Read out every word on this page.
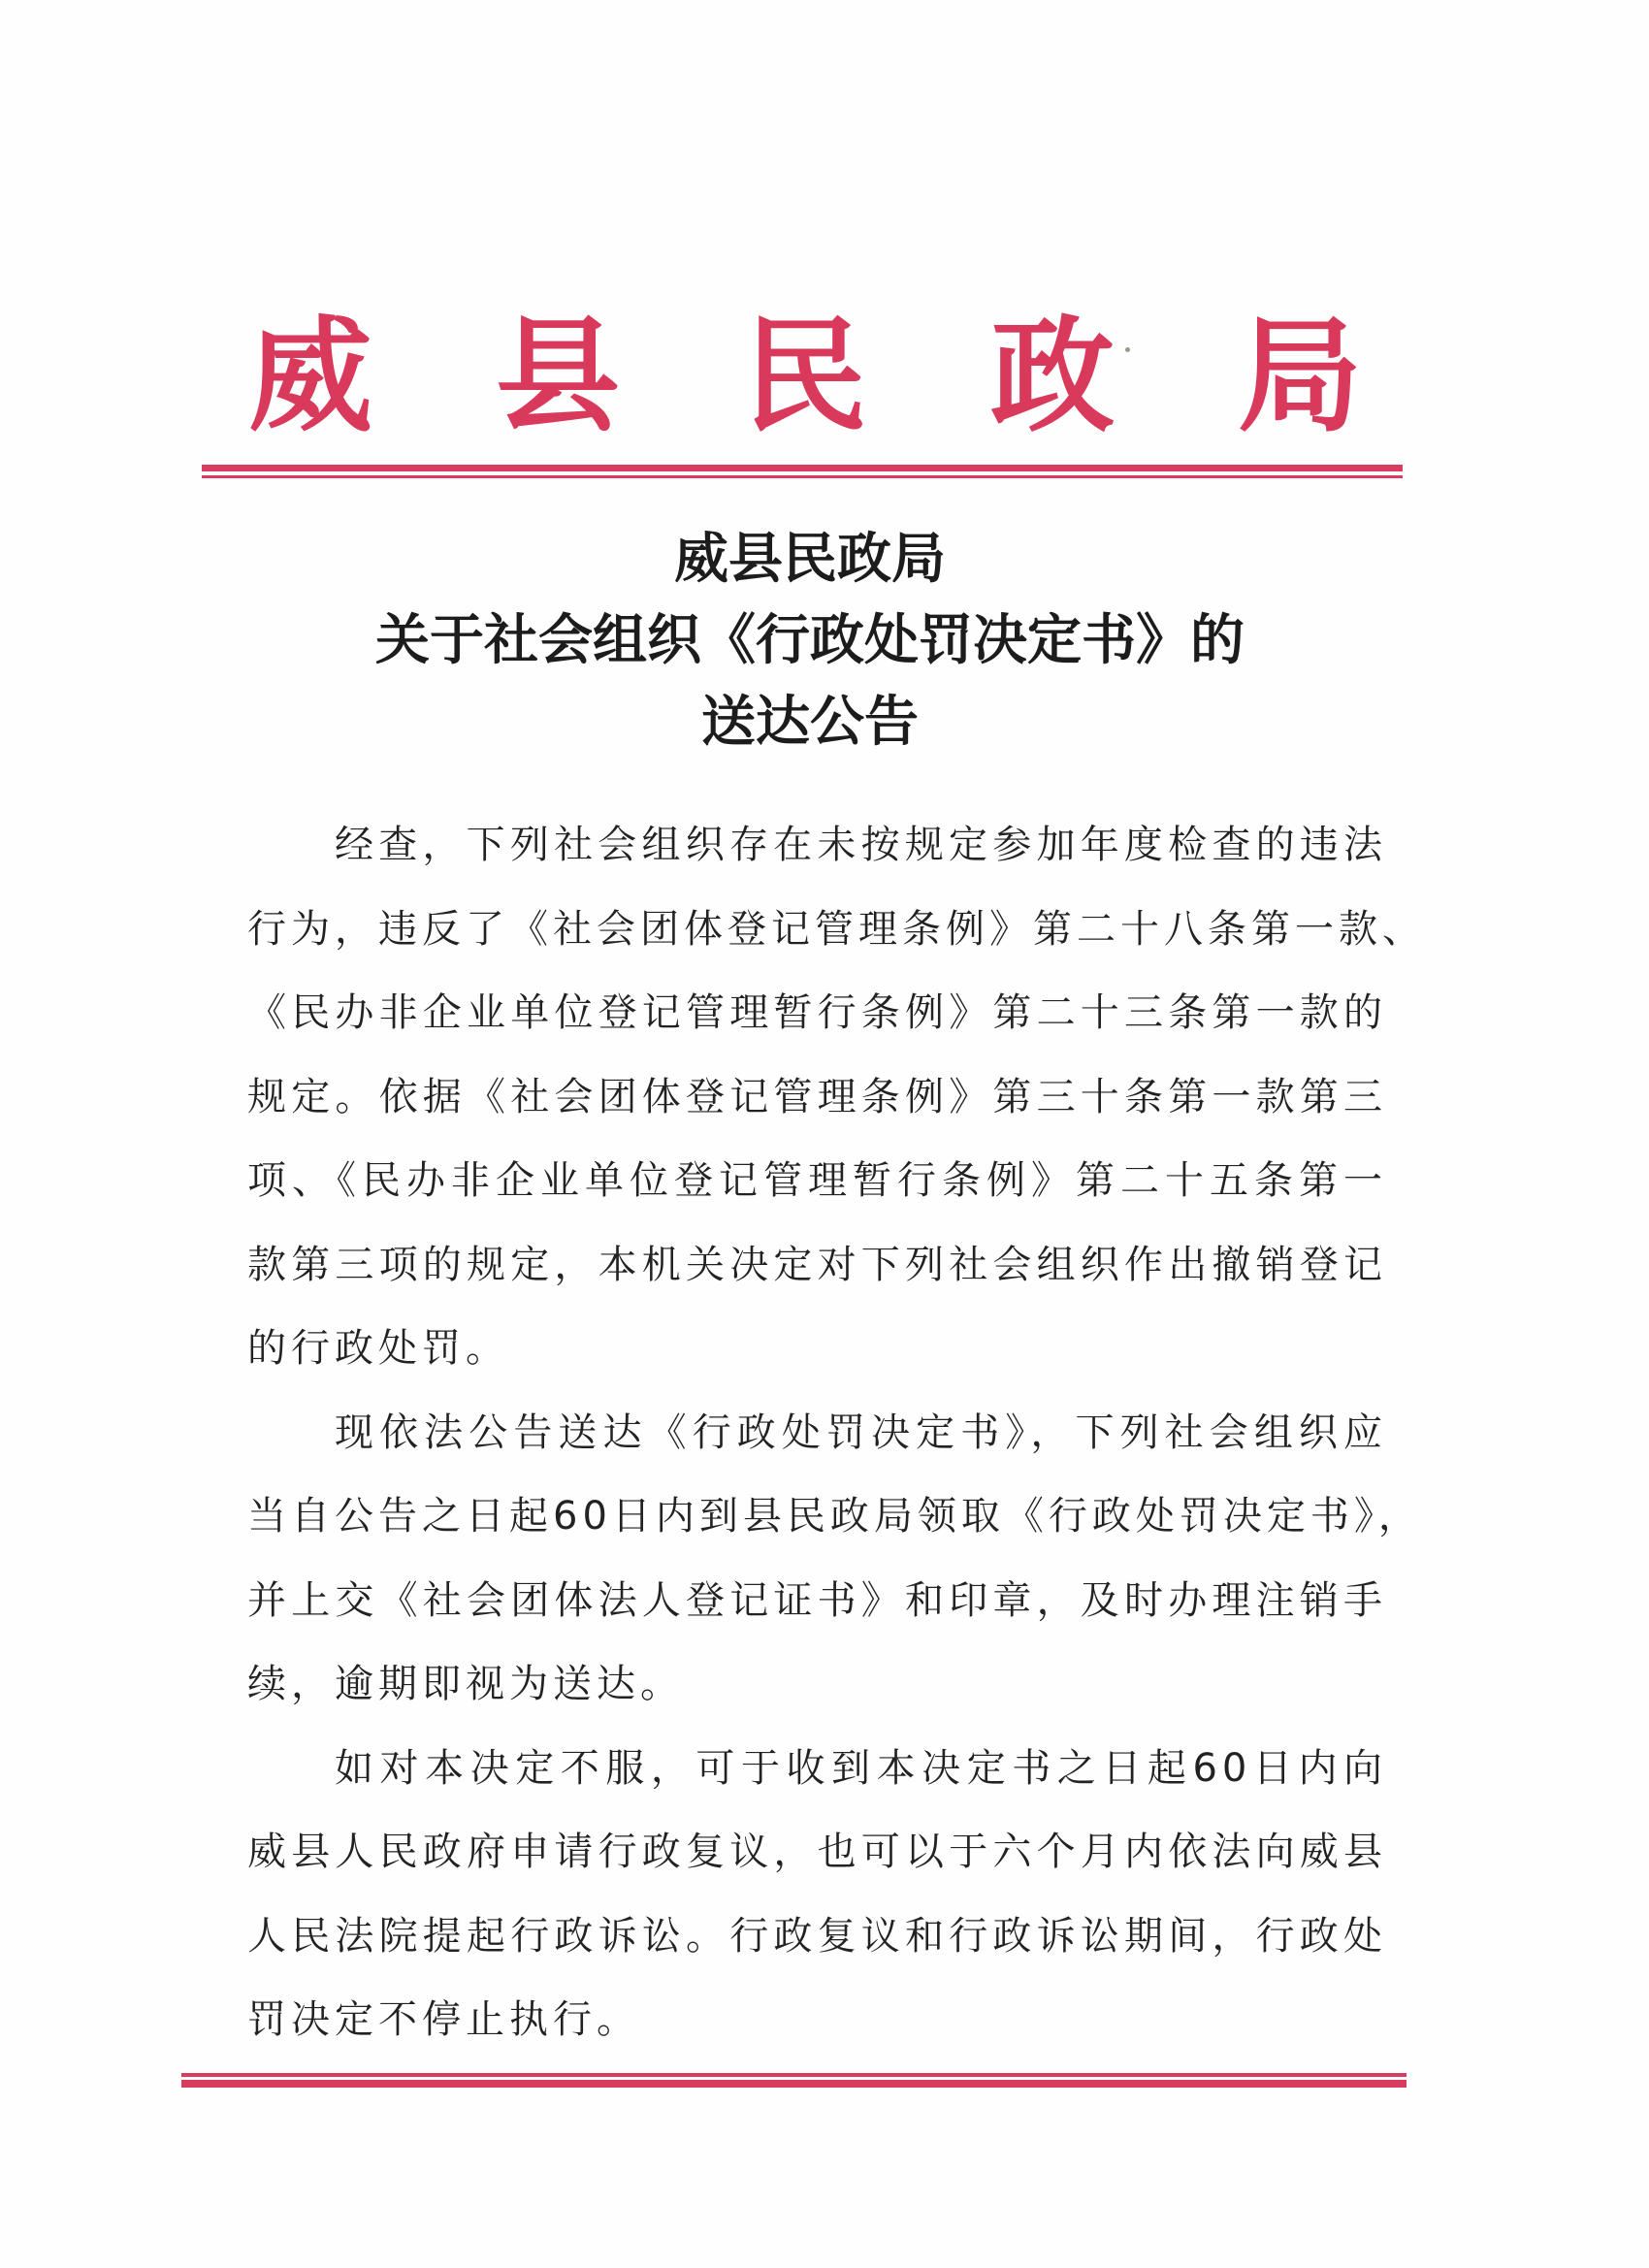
威 县 民 政 局
威县民政局
关于社会组织《行政处罚决定书》的
送达公告
经查，下列社会组织存在未按规定参加年度检查的违法
行为，违反了《社会团体登记管理条例》第二十八条第一款、
《民办非企业单位登记管理暂行条例》第二十三条第一款的
规定。依据《社会团体登记管理条例》第三十条第一款第三
项、《民办非企业单位登记管理暂行条例》第二十五条第一
款第三项的规定，本机关决定对下列社会组织作出撤销登记
的行政处罚。
现依法公告送达《行政处罚决定书》，下列社会组织应
当自公告之日起60日内到县民政局领取《行政处罚决定书》，
并上交《社会团体法人登记证书》和印章，及时办理注销手
续，逾期即视为送达。
如对本决定不服，可于收到本决定书之日起60日内向
威县人民政府申请行政复议，也可以于六个月内依法向威县
人民法院提起行政诉讼。行政复议和行政诉讼期间，行政处
罚决定不停止执行。
